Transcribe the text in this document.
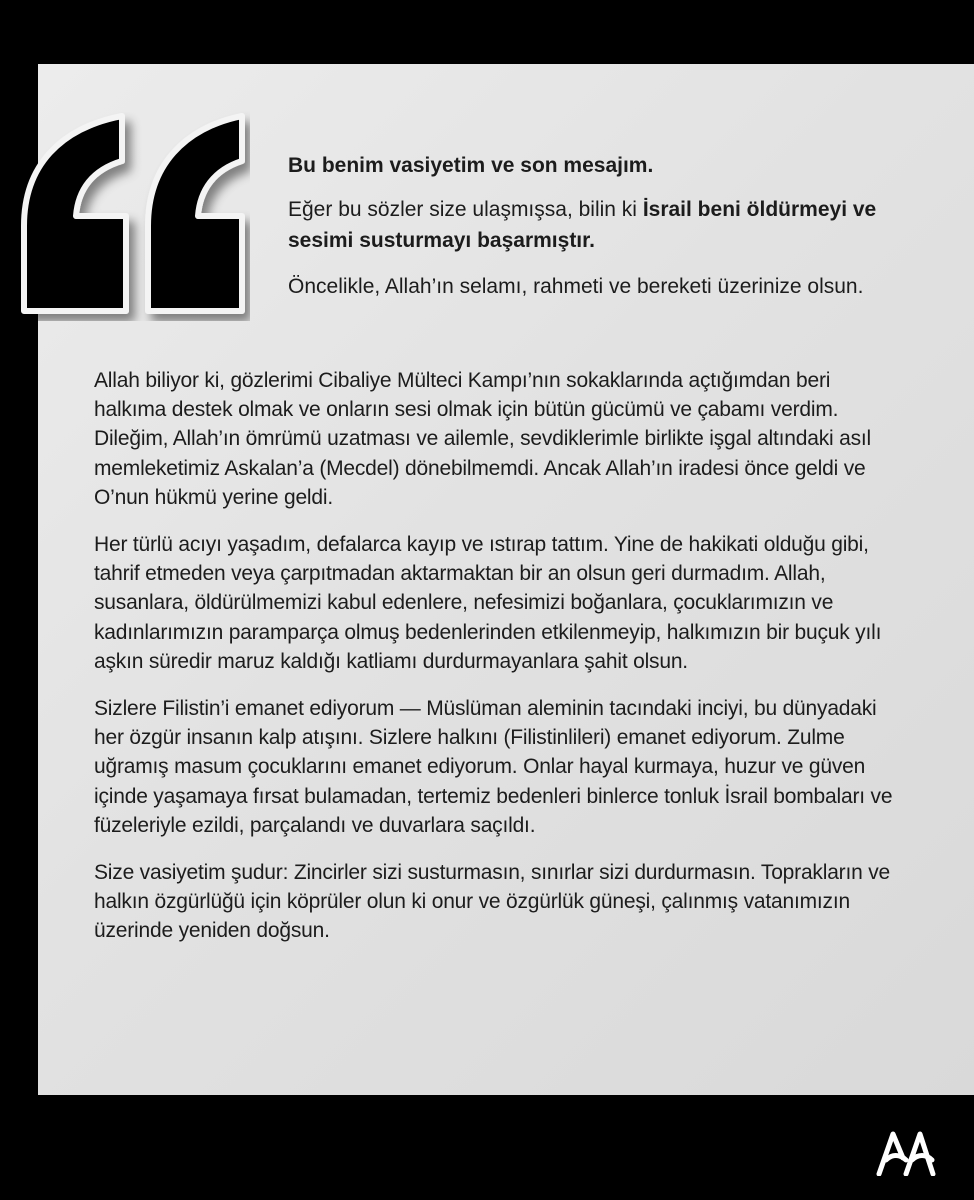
Bu benim vasiyetim ve son mesajım.

Eğer bu sözler size ulaşmışsa, bilin ki İsrail beni öldürmeyi ve sesimi susturmayı başarmıştır.

Öncelikle, Allah’ın selamı, rahmeti ve bereketi üzerinize olsun.

Allah biliyor ki, gözlerimi Cibaliye Mülteci Kampı’nın sokaklarında açtığımdan beri halkıma destek olmak ve onların sesi olmak için bütün gücümü ve çabamı verdim. Dileğim, Allah’ın ömrümü uzatması ve ailemle, sevdiklerimle birlikte işgal altındaki asıl memleketimiz Askalan’a (Mecdel) dönebilmemdi. Ancak Allah’ın iradesi önce geldi ve O’nun hükmü yerine geldi.

Her türlü acıyı yaşadım, defalarca kayıp ve ıstırap tattım. Yine de hakikati olduğu gibi, tahrif etmeden veya çarpıtmadan aktarmaktan bir an olsun geri durmadım. Allah, susanlara, öldürülmemizi kabul edenlere, nefesimizi boğanlara, çocuklarımızın ve kadınlarımızın paramparça olmuş bedenlerinden etkilenmeyip, halkımızın bir buçuk yılı aşkın süredir maruz kaldığı katliamı durdurmayanlara şahit olsun.

Sizlere Filistin’i emanet ediyorum — Müslüman aleminin tacındaki inciyi, bu dünyadaki her özgür insanın kalp atışını. Sizlere halkını (Filistinlileri) emanet ediyorum. Zulme uğramış masum çocuklarını emanet ediyorum. Onlar hayal kurmaya, huzur ve güven içinde yaşamaya fırsat bulamadan, tertemiz bedenleri binlerce tonluk İsrail bombaları ve füzeleriyle ezildi, parçalandı ve duvarlara saçıldı.

Size vasiyetim şudur: Zincirler sizi susturmasın, sınırlar sizi durdurmasın. Toprakların ve halkın özgürlüğü için köprüler olun ki onur ve özgürlük güneşi, çalınmış vatanımızın üzerinde yeniden doğsun.
